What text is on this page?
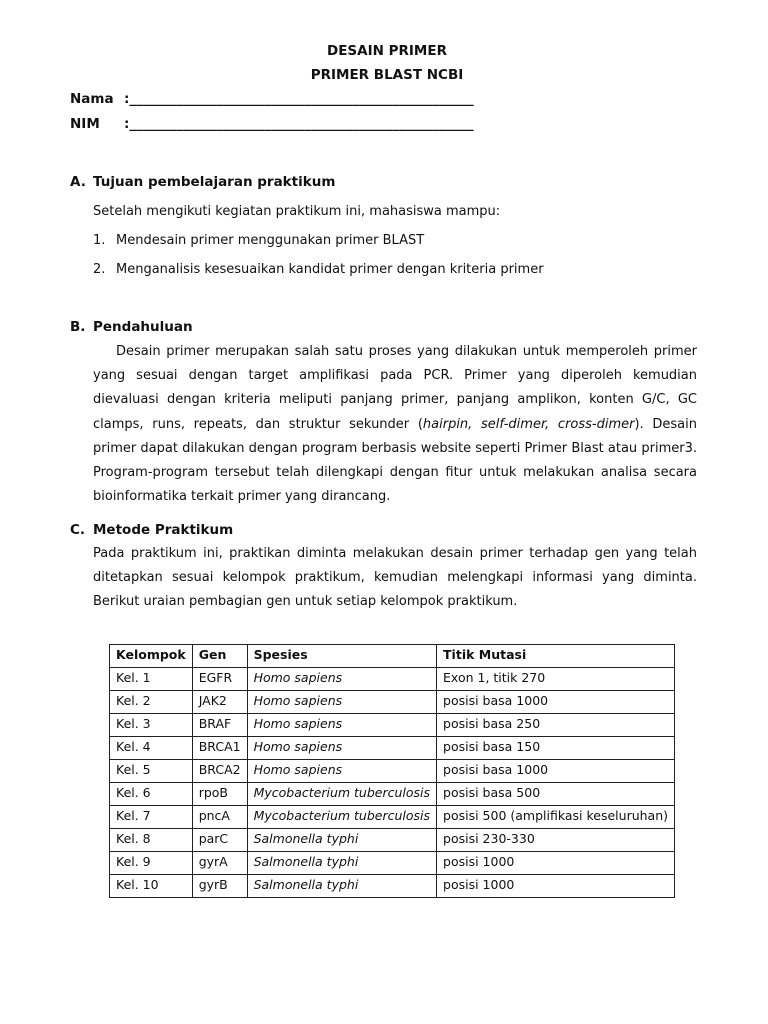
DESAIN PRIMER
PRIMER BLAST NCBI
Nama :___________________________________________________
NIM :___________________________________________________
A. Tujuan pembelajaran praktikum
Setelah mengikuti kegiatan praktikum ini, mahasiswa mampu:
1. Mendesain primer menggunakan primer BLAST
2. Menganalisis kesesuaikan kandidat primer dengan kriteria primer
B. Pendahuluan
Desain primer merupakan salah satu proses yang dilakukan untuk memperoleh primer yang sesuai dengan target amplifikasi pada PCR. Primer yang diperoleh kemudian dievaluasi dengan kriteria meliputi panjang primer, panjang amplikon, konten G/C, GC clamps, runs, repeats, dan struktur sekunder (hairpin, self-dimer, cross-dimer). Desain primer dapat dilakukan dengan program berbasis website seperti Primer Blast atau primer3. Program-program tersebut telah dilengkapi dengan fitur untuk melakukan analisa secara bioinformatika terkait primer yang dirancang.
C. Metode Praktikum
Pada praktikum ini, praktikan diminta melakukan desain primer terhadap gen yang telah ditetapkan sesuai kelompok praktikum, kemudian melengkapi informasi yang diminta. Berikut uraian pembagian gen untuk setiap kelompok praktikum.
Kelompok	Gen	Spesies	Titik Mutasi
Kel. 1	EGFR	Homo sapiens	Exon 1, titik 270
Kel. 2	JAK2	Homo sapiens	posisi basa 1000
Kel. 3	BRAF	Homo sapiens	posisi basa 250
Kel. 4	BRCA1	Homo sapiens	posisi basa 150
Kel. 5	BRCA2	Homo sapiens	posisi basa 1000
Kel. 6	rpoB	Mycobacterium tuberculosis	posisi basa 500
Kel. 7	pncA	Mycobacterium tuberculosis	posisi 500 (amplifikasi keseluruhan)
Kel. 8	parC	Salmonella typhi	posisi 230-330
Kel. 9	gyrA	Salmonella typhi	posisi 1000
Kel. 10	gyrB	Salmonella typhi	posisi 1000
